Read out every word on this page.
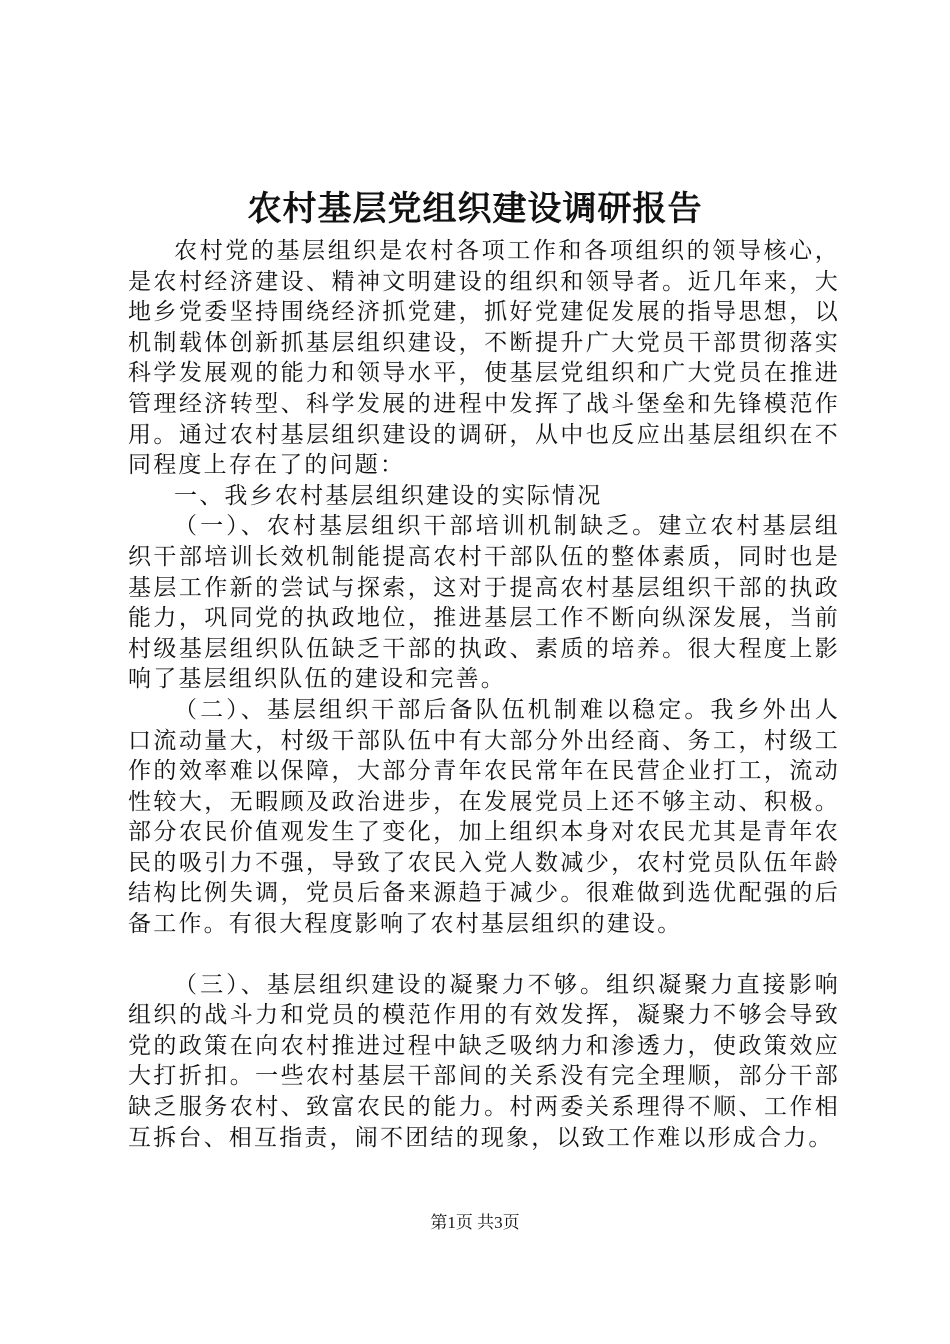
农村基层党组织建设调研报告

农村党的基层组织是农村各项工作和各项组织的领导核心，是农村经济建设、精神文明建设的组织和领导者。近几年来，大地乡党委坚持围绕经济抓党建，抓好党建促发展的指导思想，以机制载体创新抓基层组织建设，不断提升广大党员干部贯彻落实科学发展观的能力和领导水平，使基层党组织和广大党员在推进管理经济转型、科学发展的进程中发挥了战斗堡垒和先锋模范作用。通过农村基层组织建设的调研，从中也反应出基层组织在不同程度上存在了的问题：

一、我乡农村基层组织建设的实际情况

（一）、农村基层组织干部培训机制缺乏。建立农村基层组织干部培训长效机制能提高农村干部队伍的整体素质，同时也是基层工作新的尝试与探索，这对于提高农村基层组织干部的执政能力，巩同党的执政地位，推进基层工作不断向纵深发展，当前村级基层组织队伍缺乏干部的执政、素质的培养。很大程度上影响了基层组织队伍的建设和完善。

（二）、基层组织干部后备队伍机制难以稳定。我乡外出人口流动量大，村级干部队伍中有大部分外出经商、务工，村级工作的效率难以保障，大部分青年农民常年在民营企业打工，流动性较大，无暇顾及政治进步，在发展党员上还不够主动、积极。部分农民价值观发生了变化，加上组织本身对农民尤其是青年农民的吸引力不强，导致了农民入党人数减少，农村党员队伍年龄结构比例失调，党员后备来源趋于减少。很难做到选优配强的后备工作。有很大程度影响了农村基层组织的建设。

（三）、基层组织建设的凝聚力不够。组织凝聚力直接影响组织的战斗力和党员的模范作用的有效发挥，凝聚力不够会导致党的政策在向农村推进过程中缺乏吸纳力和渗透力，使政策效应大打折扣。一些农村基层干部间的关系没有完全理顺，部分干部缺乏服务农村、致富农民的能力。村两委关系理得不顺、工作相互拆台、相互指责，闹不团结的现象，以致工作难以形成合力。

第1页 共3页
